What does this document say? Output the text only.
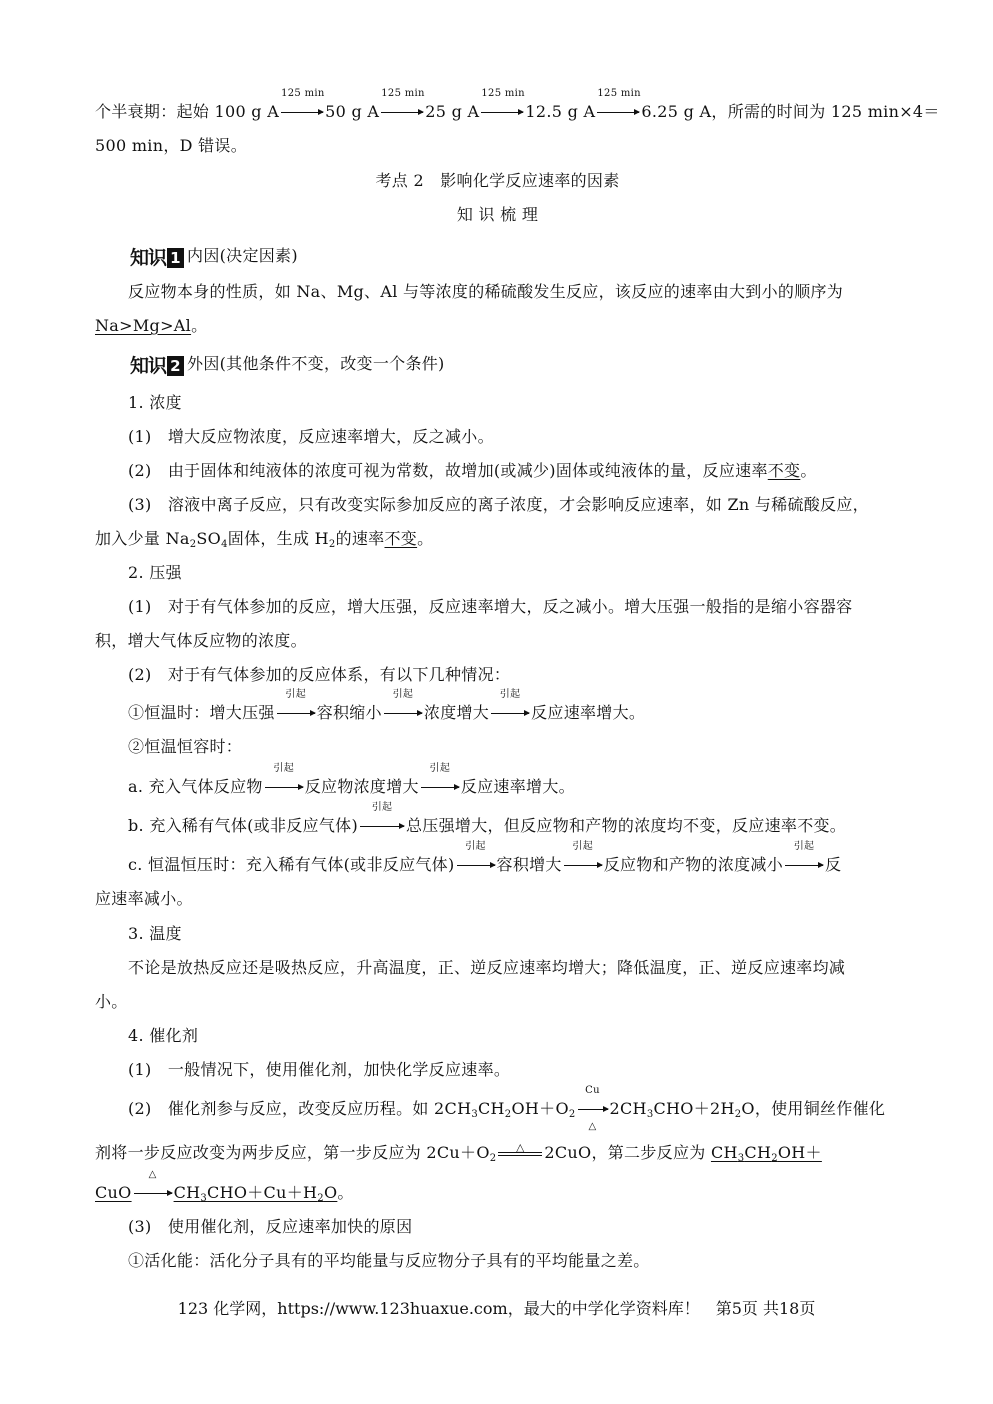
个半衰期：起始 100 g A
125 min
50 g A
125 min
25 g A
125 min
12.5 g A
125 min
6.25 g A，所需的时间为 125 min×4＝
500 min，D 错误。
考点 2　影响化学反应速率的因素
知 识 梳 理
知识 1 内因(决定因素)
反应物本身的性质，如 Na、Mg、Al 与等浓度的稀硫酸发生反应，该反应的速率由大到小的顺序为
Na>Mg>Al。
知识 2 外因(其他条件不变，改变一个条件)
1. 浓度
(1)　增大反应物浓度，反应速率增大，反之减小。
(2)　由于固体和纯液体的浓度可视为常数，故增加(或减少)固体或纯液体的量，反应速率不变。
(3)　溶液中离子反应，只有改变实际参加反应的离子浓度，才会影响反应速率，如 Zn 与稀硫酸反应，
加入少量 $Na_2SO_4$固体，生成 $H_2$的速率不变。
2. 压强
(1)　对于有气体参加的反应，增大压强，反应速率增大，反之减小。增大压强一般指的是缩小容器容
积，增大气体反应物的浓度。
(2)　对于有气体参加的反应体系，有以下几种情况：
①恒温时：增大压强
引起
容积缩小
引起
浓度增大
引起
反应速率增大。
②恒温恒容时：
a. 充入气体反应物
引起
反应物浓度增大
引起
反应速率增大。
b. 充入稀有气体(或非反应气体)
引起
总压强增大，但反应物和产物的浓度均不变，反应速率不变。
c. 恒温恒压时：充入稀有气体(或非反应气体)
引起
容积增大
引起
反应物和产物的浓度减小
引起
反
应速率减小。
3. 温度
不论是放热反应还是吸热反应，升高温度，正、逆反应速率均增大；降低温度，正、逆反应速率均减
小。
4. 催化剂
(1)　一般情况下，使用催化剂，加快化学反应速率。
(2)　催化剂参与反应，改变反应历程。如 $2CH_3CH_2OH+O_2$
Cu
△
$2CH_3CHO+2H_2O$，使用铜丝作催化
剂将一步反应改变为两步反应，第一步反应为 $2Cu+O_2$
△	2CuO，第二步反应为 $CH_3CH_2OH+$
CuO
△
$CH_3CHO+Cu+H_2O$。
(3)　使用催化剂，反应速率加快的原因
①活化能：活化分子具有的平均能量与反应物分子具有的平均能量之差。
123 化学网，https://www.123huaxue.com，最大的中学化学资料库！　第5页 共18页
